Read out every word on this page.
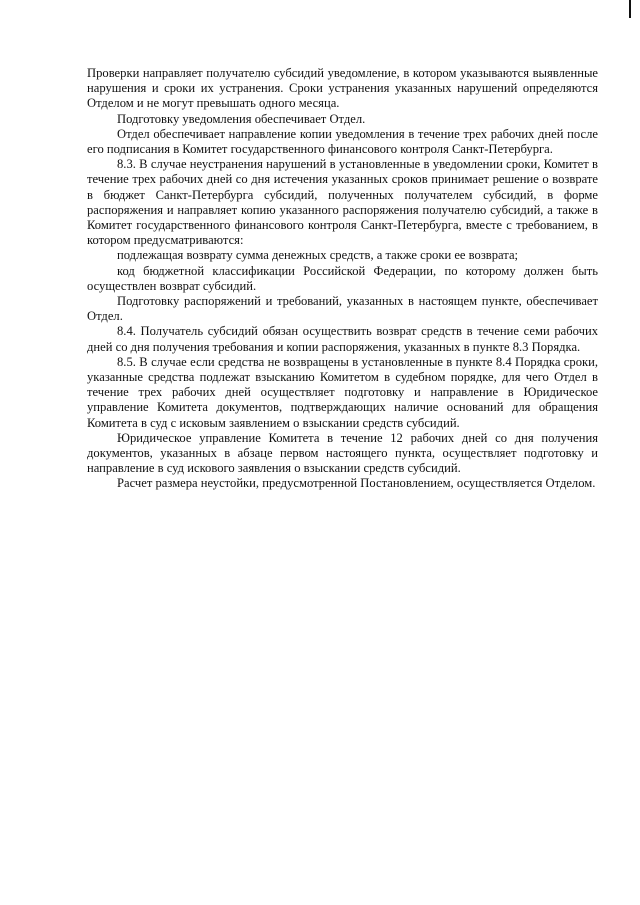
Проверки направляет получателю субсидий уведомление, в котором указываются выявленные нарушения и сроки их устранения. Сроки устранения указанных нарушений определяются Отделом и не могут превышать одного месяца.

Подготовку уведомления обеспечивает Отдел.

Отдел обеспечивает направление копии уведомления в течение трех рабочих дней после его подписания в Комитет государственного финансового контроля Санкт-Петербурга.

8.3. В случае неустранения нарушений в установленные в уведомлении сроки, Комитет в течение трех рабочих дней со дня истечения указанных сроков принимает решение о возврате в бюджет Санкт-Петербурга субсидий, полученных получателем субсидий, в форме распоряжения и направляет копию указанного распоряжения получателю субсидий, а также в Комитет государственного финансового контроля Санкт-Петербурга, вместе с требованием, в котором предусматриваются:

подлежащая возврату сумма денежных средств, а также сроки ее возврата;

код бюджетной классификации Российской Федерации, по которому должен быть осуществлен возврат субсидий.

Подготовку распоряжений и требований, указанных в настоящем пункте, обеспечивает Отдел.

8.4. Получатель субсидий обязан осуществить возврат средств в течение семи рабочих дней со дня получения требования и копии распоряжения, указанных в пункте 8.3 Порядка.

8.5. В случае если средства не возвращены в установленные в пункте 8.4 Порядка сроки, указанные средства подлежат взысканию Комитетом в судебном порядке, для чего Отдел в течение трех рабочих дней осуществляет подготовку и направление в Юридическое управление Комитета документов, подтверждающих наличие оснований для обращения Комитета в суд с исковым заявлением о взыскании средств субсидий.

Юридическое управление Комитета в течение 12 рабочих дней со дня получения документов, указанных в абзаце первом настоящего пункта, осуществляет подготовку и направление в суд искового заявления о взыскании средств субсидий.

Расчет размера неустойки, предусмотренной Постановлением, осуществляется Отделом.
